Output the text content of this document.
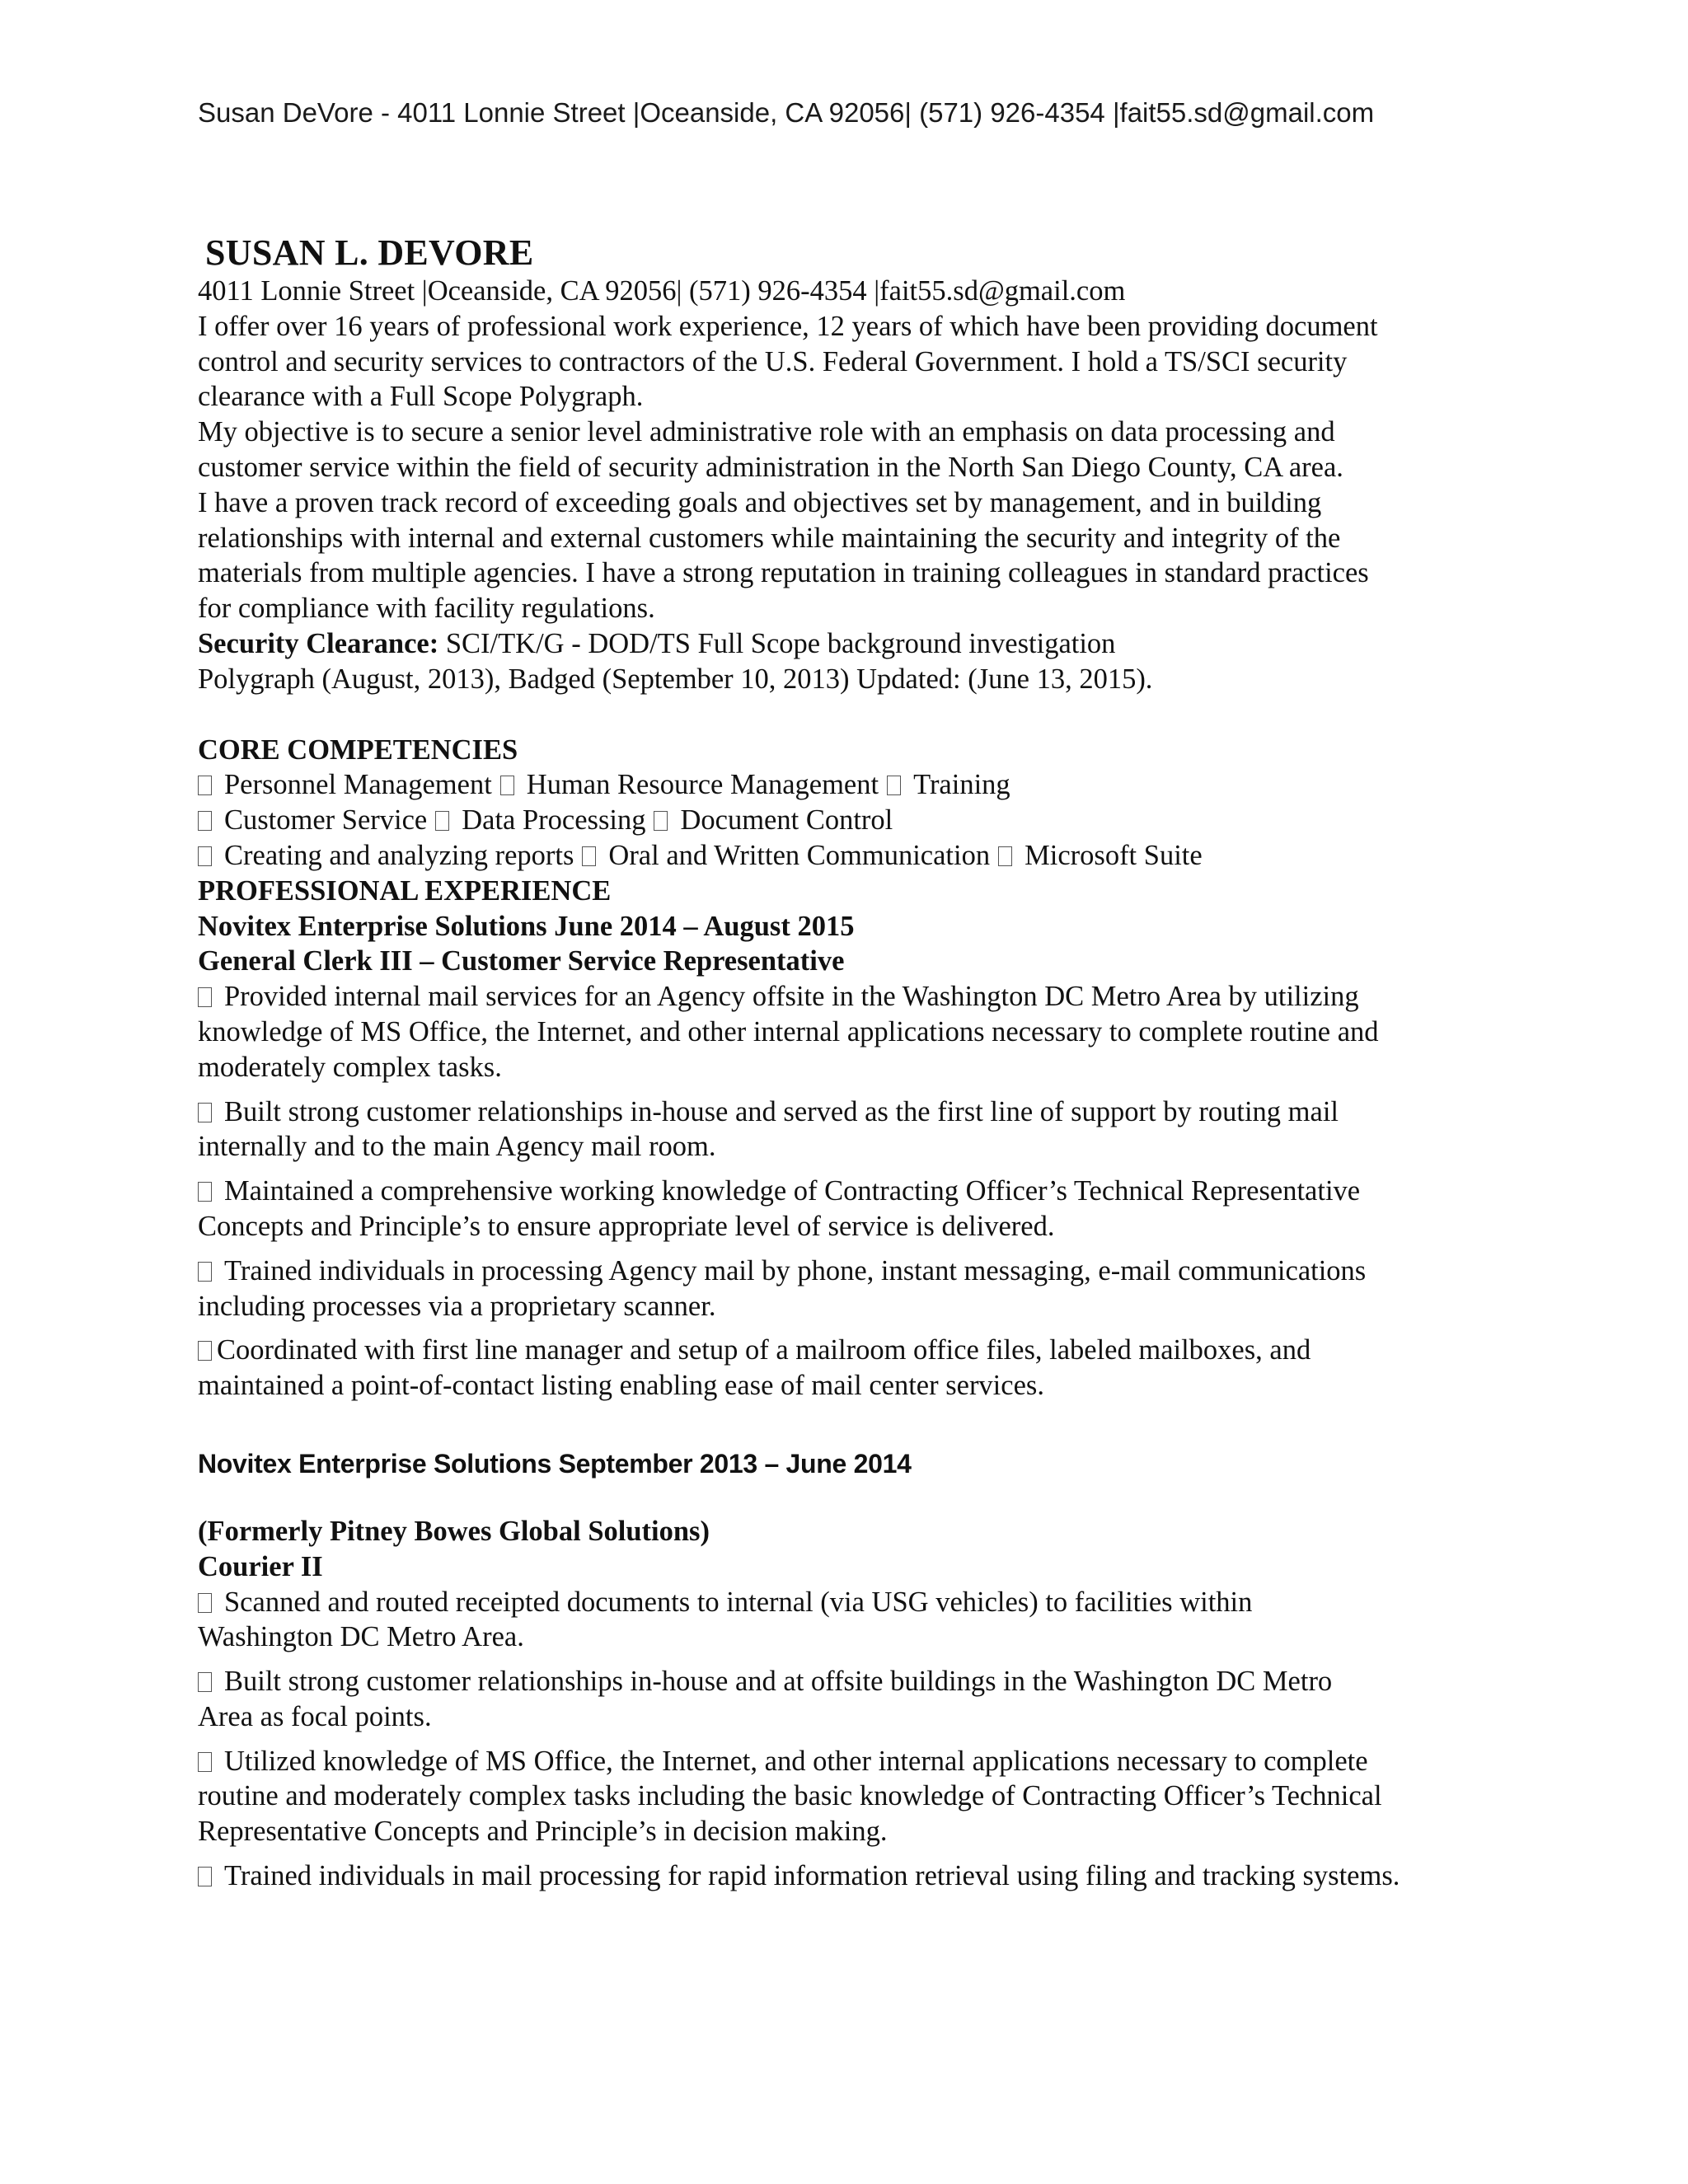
Susan DeVore - 4011 Lonnie Street |Oceanside, CA 92056| (571) 926-4354 |fait55.sd@gmail.com

SUSAN L. DEVORE

4011 Lonnie Street |Oceanside, CA 92056| (571) 926-4354 |fait55.sd@gmail.com

I offer over 16 years of professional work experience, 12 years of which have been providing document

control and security services to contractors of the U.S. Federal Government. I hold a TS/SCI security

clearance with a Full Scope Polygraph.

My objective is to secure a senior level administrative role with an emphasis on data processing and

customer service within the field of security administration in the North San Diego County, CA area.

I have a proven track record of exceeding goals and objectives set by management, and in building

relationships with internal and external customers while maintaining the security and integrity of the

materials from multiple agencies. I have a strong reputation in training colleagues in standard practices

for compliance with facility regulations.

Security Clearance: SCI/TK/G - DOD/TS Full Scope background investigation

Polygraph (August, 2013), Badged (September 10, 2013) Updated: (June 13, 2015).

CORE COMPETENCIES

Personnel Management Human Resource Management Training

Customer Service Data Processing Document Control

Creating and analyzing reports Oral and Written Communication Microsoft Suite

PROFESSIONAL EXPERIENCE

Novitex Enterprise Solutions June 2014 – August 2015

General Clerk III – Customer Service Representative

Provided internal mail services for an Agency offsite in the Washington DC Metro Area by utilizing

knowledge of MS Office, the Internet, and other internal applications necessary to complete routine and

moderately complex tasks.

Built strong customer relationships in-house and served as the first line of support by routing mail

internally and to the main Agency mail room.

Maintained a comprehensive working knowledge of Contracting Officer’s Technical Representative

Concepts and Principle’s to ensure appropriate level of service is delivered.

Trained individuals in processing Agency mail by phone, instant messaging, e-mail communications

including processes via a proprietary scanner.

Coordinated with first line manager and setup of a mailroom office files, labeled mailboxes, and

maintained a point-of-contact listing enabling ease of mail center services.

Novitex Enterprise Solutions September 2013 – June 2014

(Formerly Pitney Bowes Global Solutions)

Courier II

Scanned and routed receipted documents to internal (via USG vehicles) to facilities within

Washington DC Metro Area.

Built strong customer relationships in-house and at offsite buildings in the Washington DC Metro

Area as focal points.

Utilized knowledge of MS Office, the Internet, and other internal applications necessary to complete

routine and moderately complex tasks including the basic knowledge of Contracting Officer’s Technical

Representative Concepts and Principle’s in decision making.

Trained individuals in mail processing for rapid information retrieval using filing and tracking systems.
